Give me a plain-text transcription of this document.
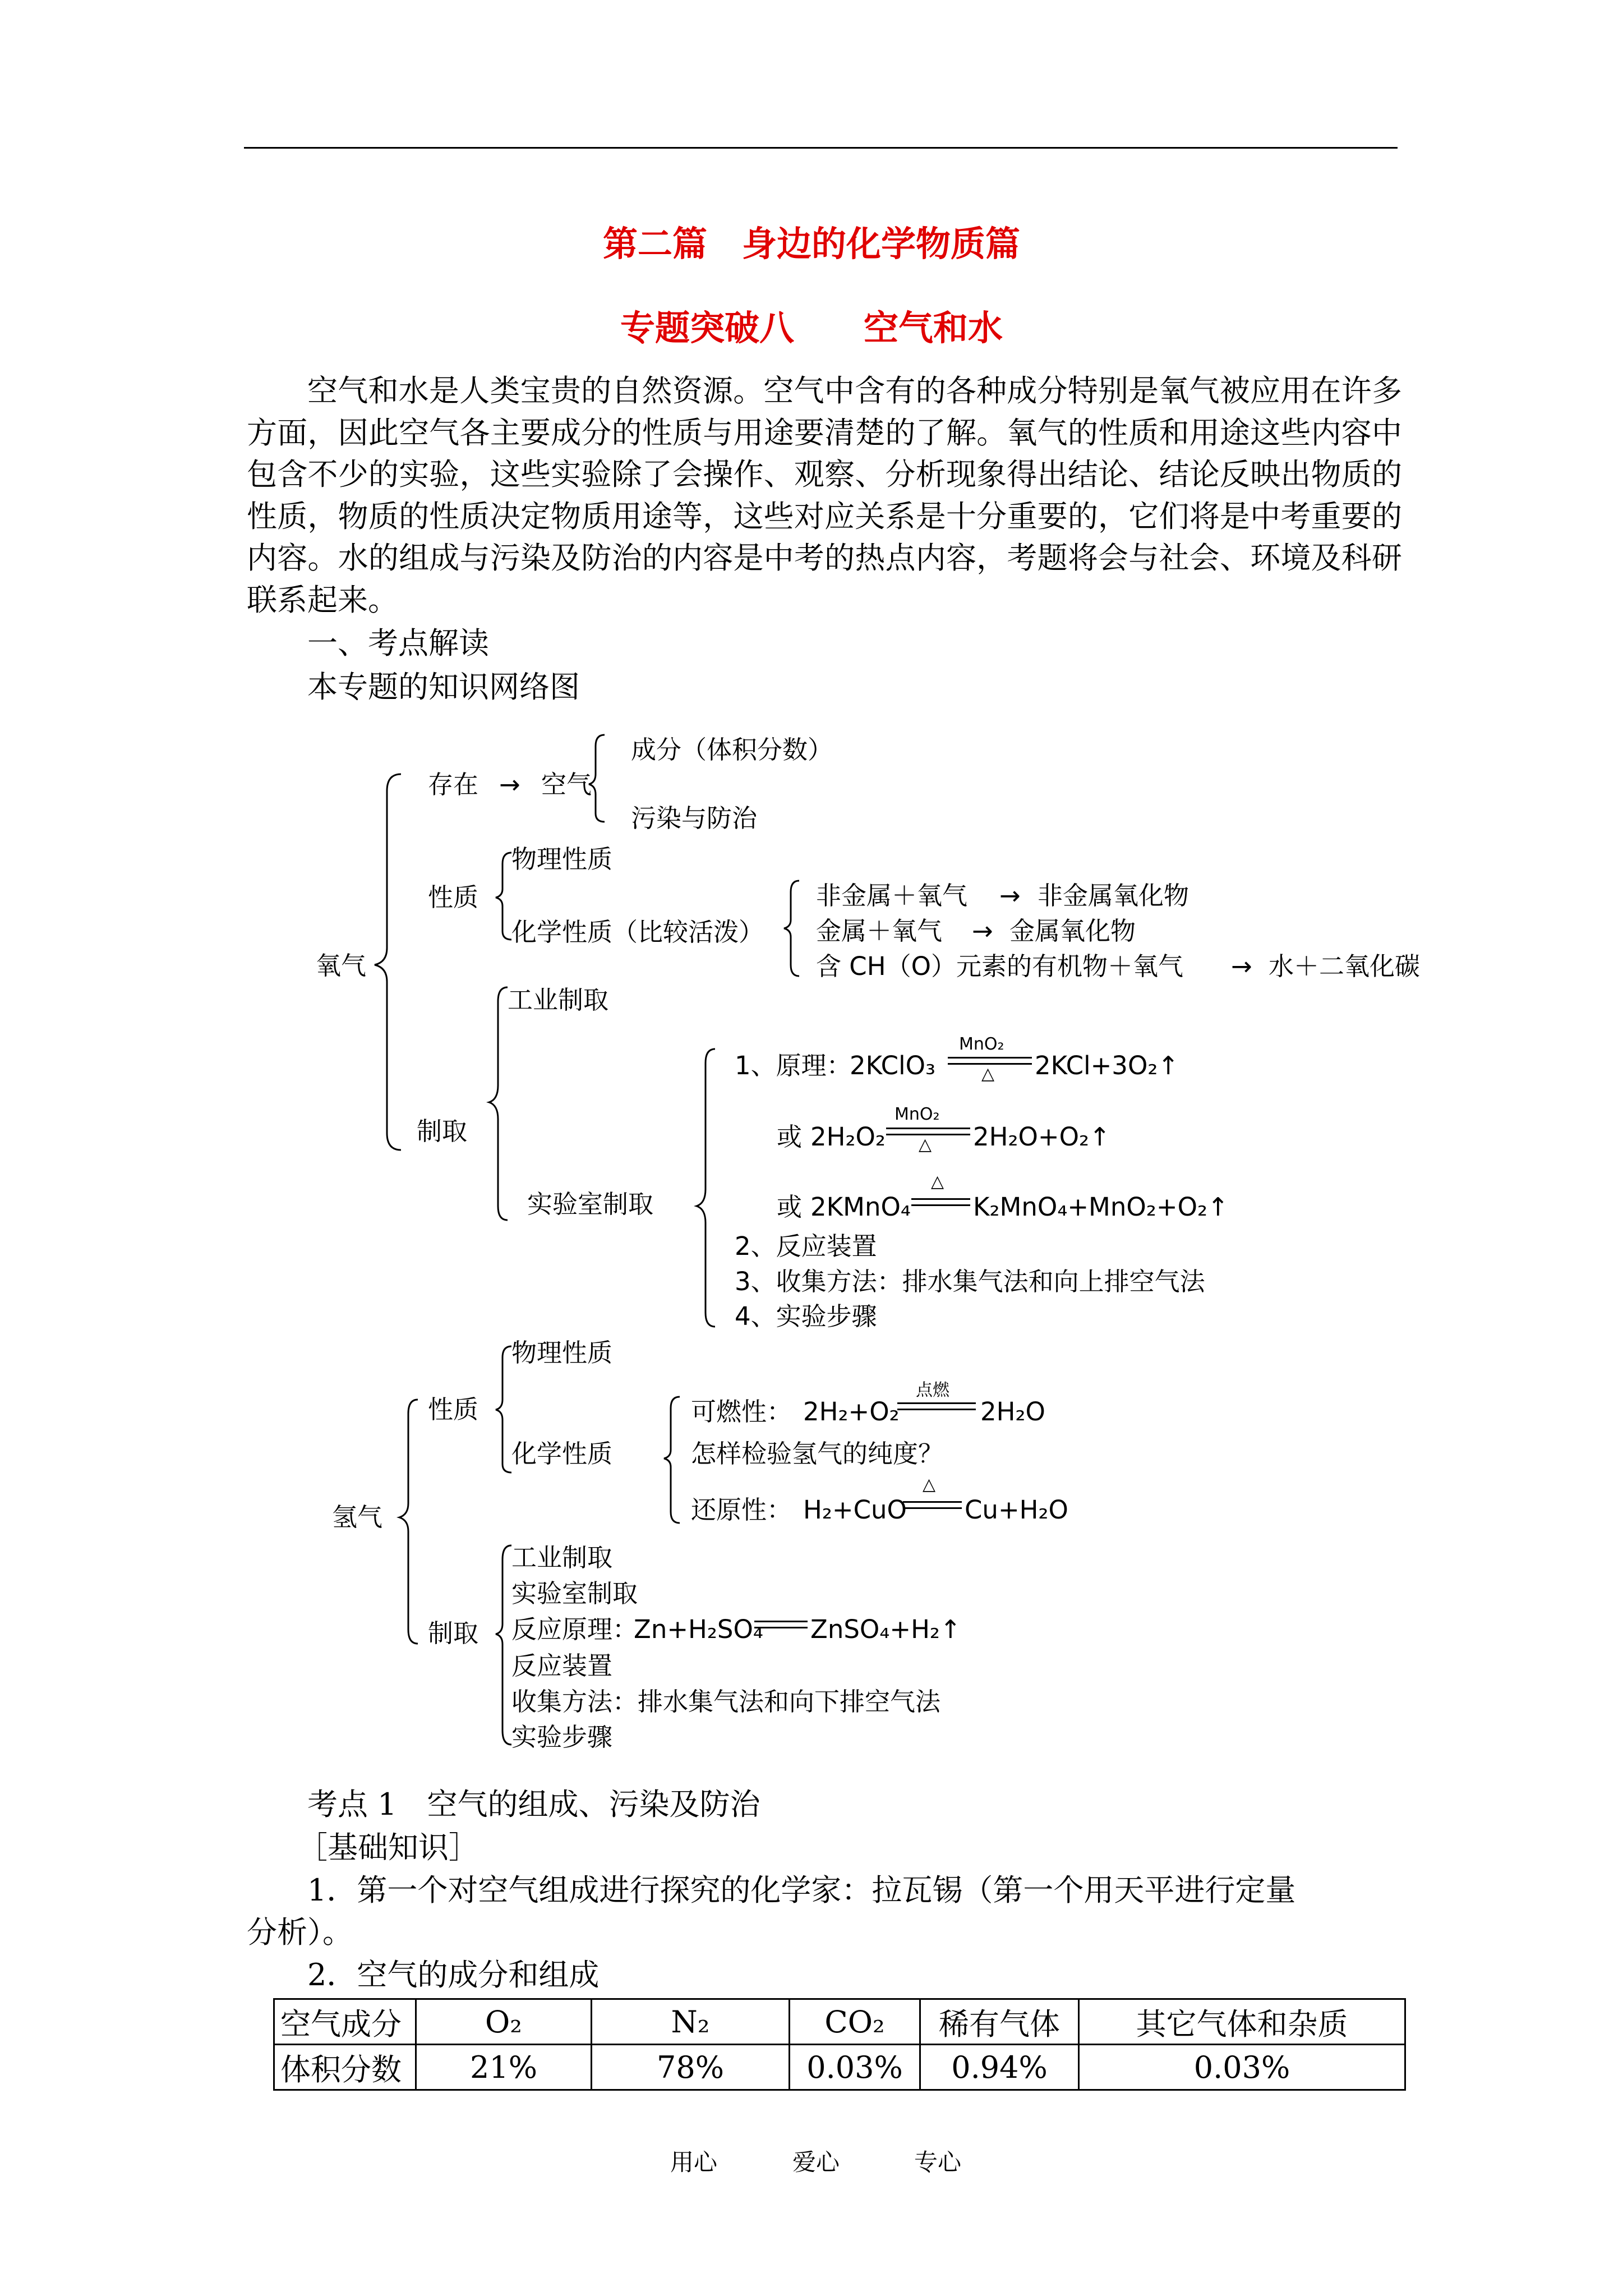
第二篇　身边的化学物质篇
专题突破八　　空气和水
空气和水是人类宝贵的自然资源。空气中含有的各种成分特别是氧气被应用在许多方面，因此空气各主要成分的性质与用途要清楚的了解。氧气的性质和用途这些内容中包含不少的实验，这些实验除了会操作、观察、分析现象得出结论、结论反映出物质的性质，物质的性质决定物质用途等，这些对应关系是十分重要的，它们将是中考重要的内容。水的组成与污染及防治的内容是中考的热点内容，考题将会与社会、环境及科研联系起来。
一、考点解读
本专题的知识网络图
氧气
存在 → 空气
成分（体积分数）
污染与防治
性质
物理性质
化学性质（比较活泼）
非金属＋氧气 → 非金属氧化物
金属＋氧气 → 金属氧化物
含 CH（O）元素的有机物＋氧气 → 水＋二氧化碳
制取
工业制取
实验室制取
1、原理：
2KClO₃
MnO₂
△ 2KCl+3O₂↑
或 2H₂O₂
MnO₂
△ 2H₂O+O₂↑
或 2KMnO₄
△
K₂MnO₄+MnO₂+O₂↑
2、反应装置
3、收集方法：排水集气法和向上排空气法
4、实验步骤
氢气
性质
物理性质
化学性质
可燃性： 2H₂+O₂
点燃
2H₂O
怎样检验氢气的纯度？
还原性： H₂+CuO
△
Cu+H₂O
制取
工业制取
实验室制取
反应原理：
Zn+H₂SO₄ ZnSO₄+H₂↑
反应装置
收集方法：排水集气法和向下排空气法
实验步骤
考点 1　空气的组成、污染及防治
［基础知识］
1．第一个对空气组成进行探究的化学家：拉瓦锡（第一个用天平进行定量
分析）。
2．空气的成分和组成
空气成分	O₂	N₂	CO₂	稀有气体	其它气体和杂质
体积分数	21%	78%	0.03%	0.94%	0.03%
用心	爱心	专心
